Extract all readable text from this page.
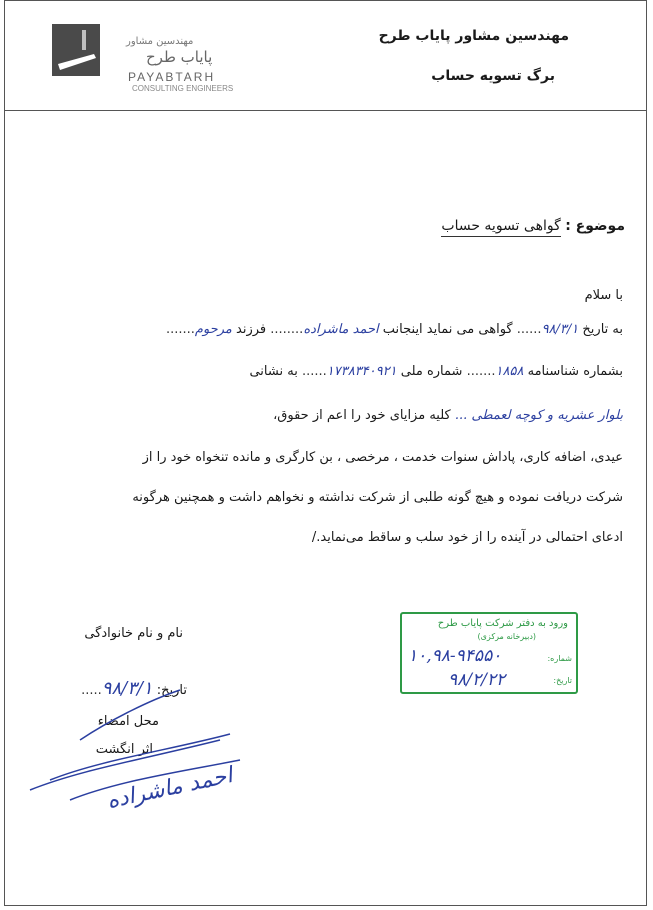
مهندسین مشاور
پایاب طرح
PAYABTARH
CONSULTING ENGINEERS
مهندسین مشاور پایاب طرح
برگ تسویه حساب
موضوع : گواهی تسویه حساب
با سلام
به تاریخ ۹۸/۳/۱...... گواهی می نماید اینجانب احمد ماشراده........ فرزند مرحوم.......
بشماره شناسنامه ۱۸۵۸....... شماره ملی ۱۷۳۸۳۴۰۹۲۱...... به نشانی
بلوار عشریه و کوچه لعمطی ... کلیه مزایای خود را اعم از حقوق،
عیدی، اضافه کاری، پاداش سنوات خدمت ، مرخصی ، بن کارگری و مانده تنخواه خود را از
شرکت دریافت نموده و هیچ گونه طلبی از شرکت نداشته و نخواهم داشت و همچنین هرگونه
ادعای احتمالی در آینده را از خود سلب و ساقط می‌نماید./
نام و نام خانوادگی
تاریخ: ۹۸/۳/۱.....
محل امضاء
اثر انگشت
احمد ماشراده
ورود به دفتر شرکت پایاب طرح
(دبیرخانه مرکزی)
شماره:
۱۰,۹۸-۹۴۵۵۰
تاریخ:
۹۸/۲/۲۲
